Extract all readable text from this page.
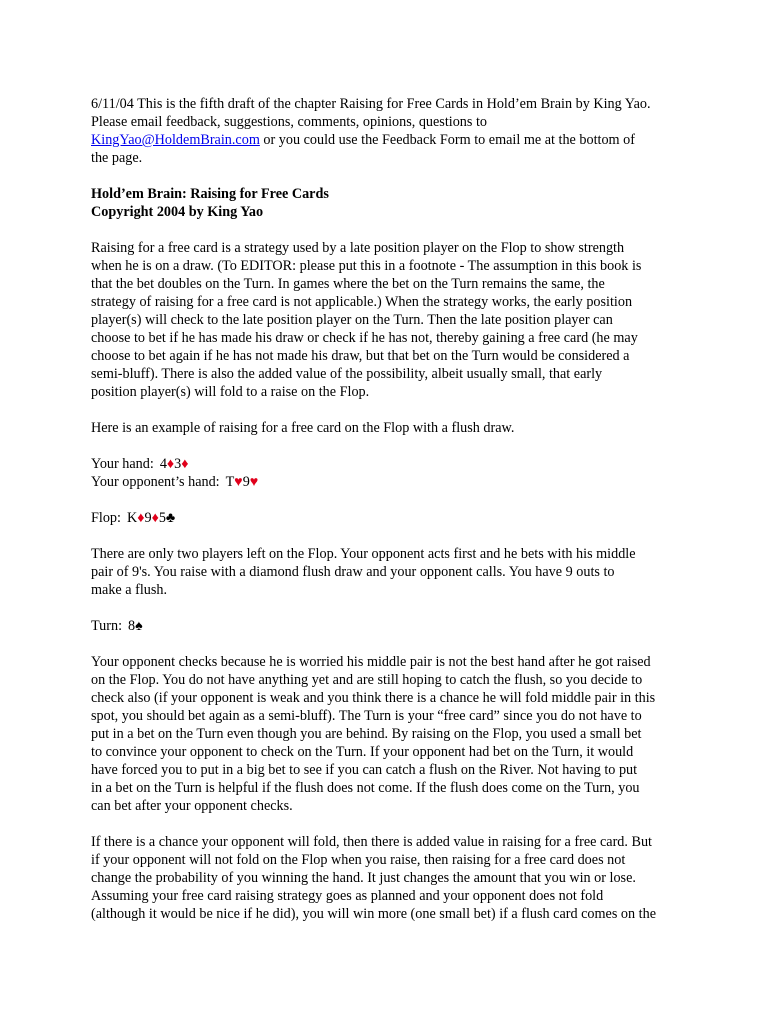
6/11/04 This is the fifth draft of the chapter Raising for Free Cards in Hold’em Brain by King Yao.
Please email feedback, suggestions, comments, opinions, questions to
KingYao@HoldemBrain.com or you could use the Feedback Form to email me at the bottom of
the page.

Hold’em Brain: Raising for Free Cards
Copyright 2004 by King Yao

Raising for a free card is a strategy used by a late position player on the Flop to show strength
when he is on a draw. (To EDITOR: please put this in a footnote - The assumption in this book is
that the bet doubles on the Turn. In games where the bet on the Turn remains the same, the
strategy of raising for a free card is not applicable.) When the strategy works, the early position
player(s) will check to the late position player on the Turn. Then the late position player can
choose to bet if he has made his draw or check if he has not, thereby gaining a free card (he may
choose to bet again if he has not made his draw, but that bet on the Turn would be considered a
semi-bluff). There is also the added value of the possibility, albeit usually small, that early
position player(s) will fold to a raise on the Flop.

Here is an example of raising for a free card on the Flop with a flush draw.

Your hand: 4♦3♦
Your opponent’s hand: T♥9♥

Flop: K♦9♦5♣

There are only two players left on the Flop. Your opponent acts first and he bets with his middle
pair of 9's. You raise with a diamond flush draw and your opponent calls. You have 9 outs to
make a flush.

Turn: 8♠

Your opponent checks because he is worried his middle pair is not the best hand after he got raised
on the Flop. You do not have anything yet and are still hoping to catch the flush, so you decide to
check also (if your opponent is weak and you think there is a chance he will fold middle pair in this
spot, you should bet again as a semi-bluff). The Turn is your “free card” since you do not have to
put in a bet on the Turn even though you are behind. By raising on the Flop, you used a small bet
to convince your opponent to check on the Turn. If your opponent had bet on the Turn, it would
have forced you to put in a big bet to see if you can catch a flush on the River. Not having to put
in a bet on the Turn is helpful if the flush does not come. If the flush does come on the Turn, you
can bet after your opponent checks.

If there is a chance your opponent will fold, then there is added value in raising for a free card. But
if your opponent will not fold on the Flop when you raise, then raising for a free card does not
change the probability of you winning the hand. It just changes the amount that you win or lose.
Assuming your free card raising strategy goes as planned and your opponent does not fold
(although it would be nice if he did), you will win more (one small bet) if a flush card comes on the
